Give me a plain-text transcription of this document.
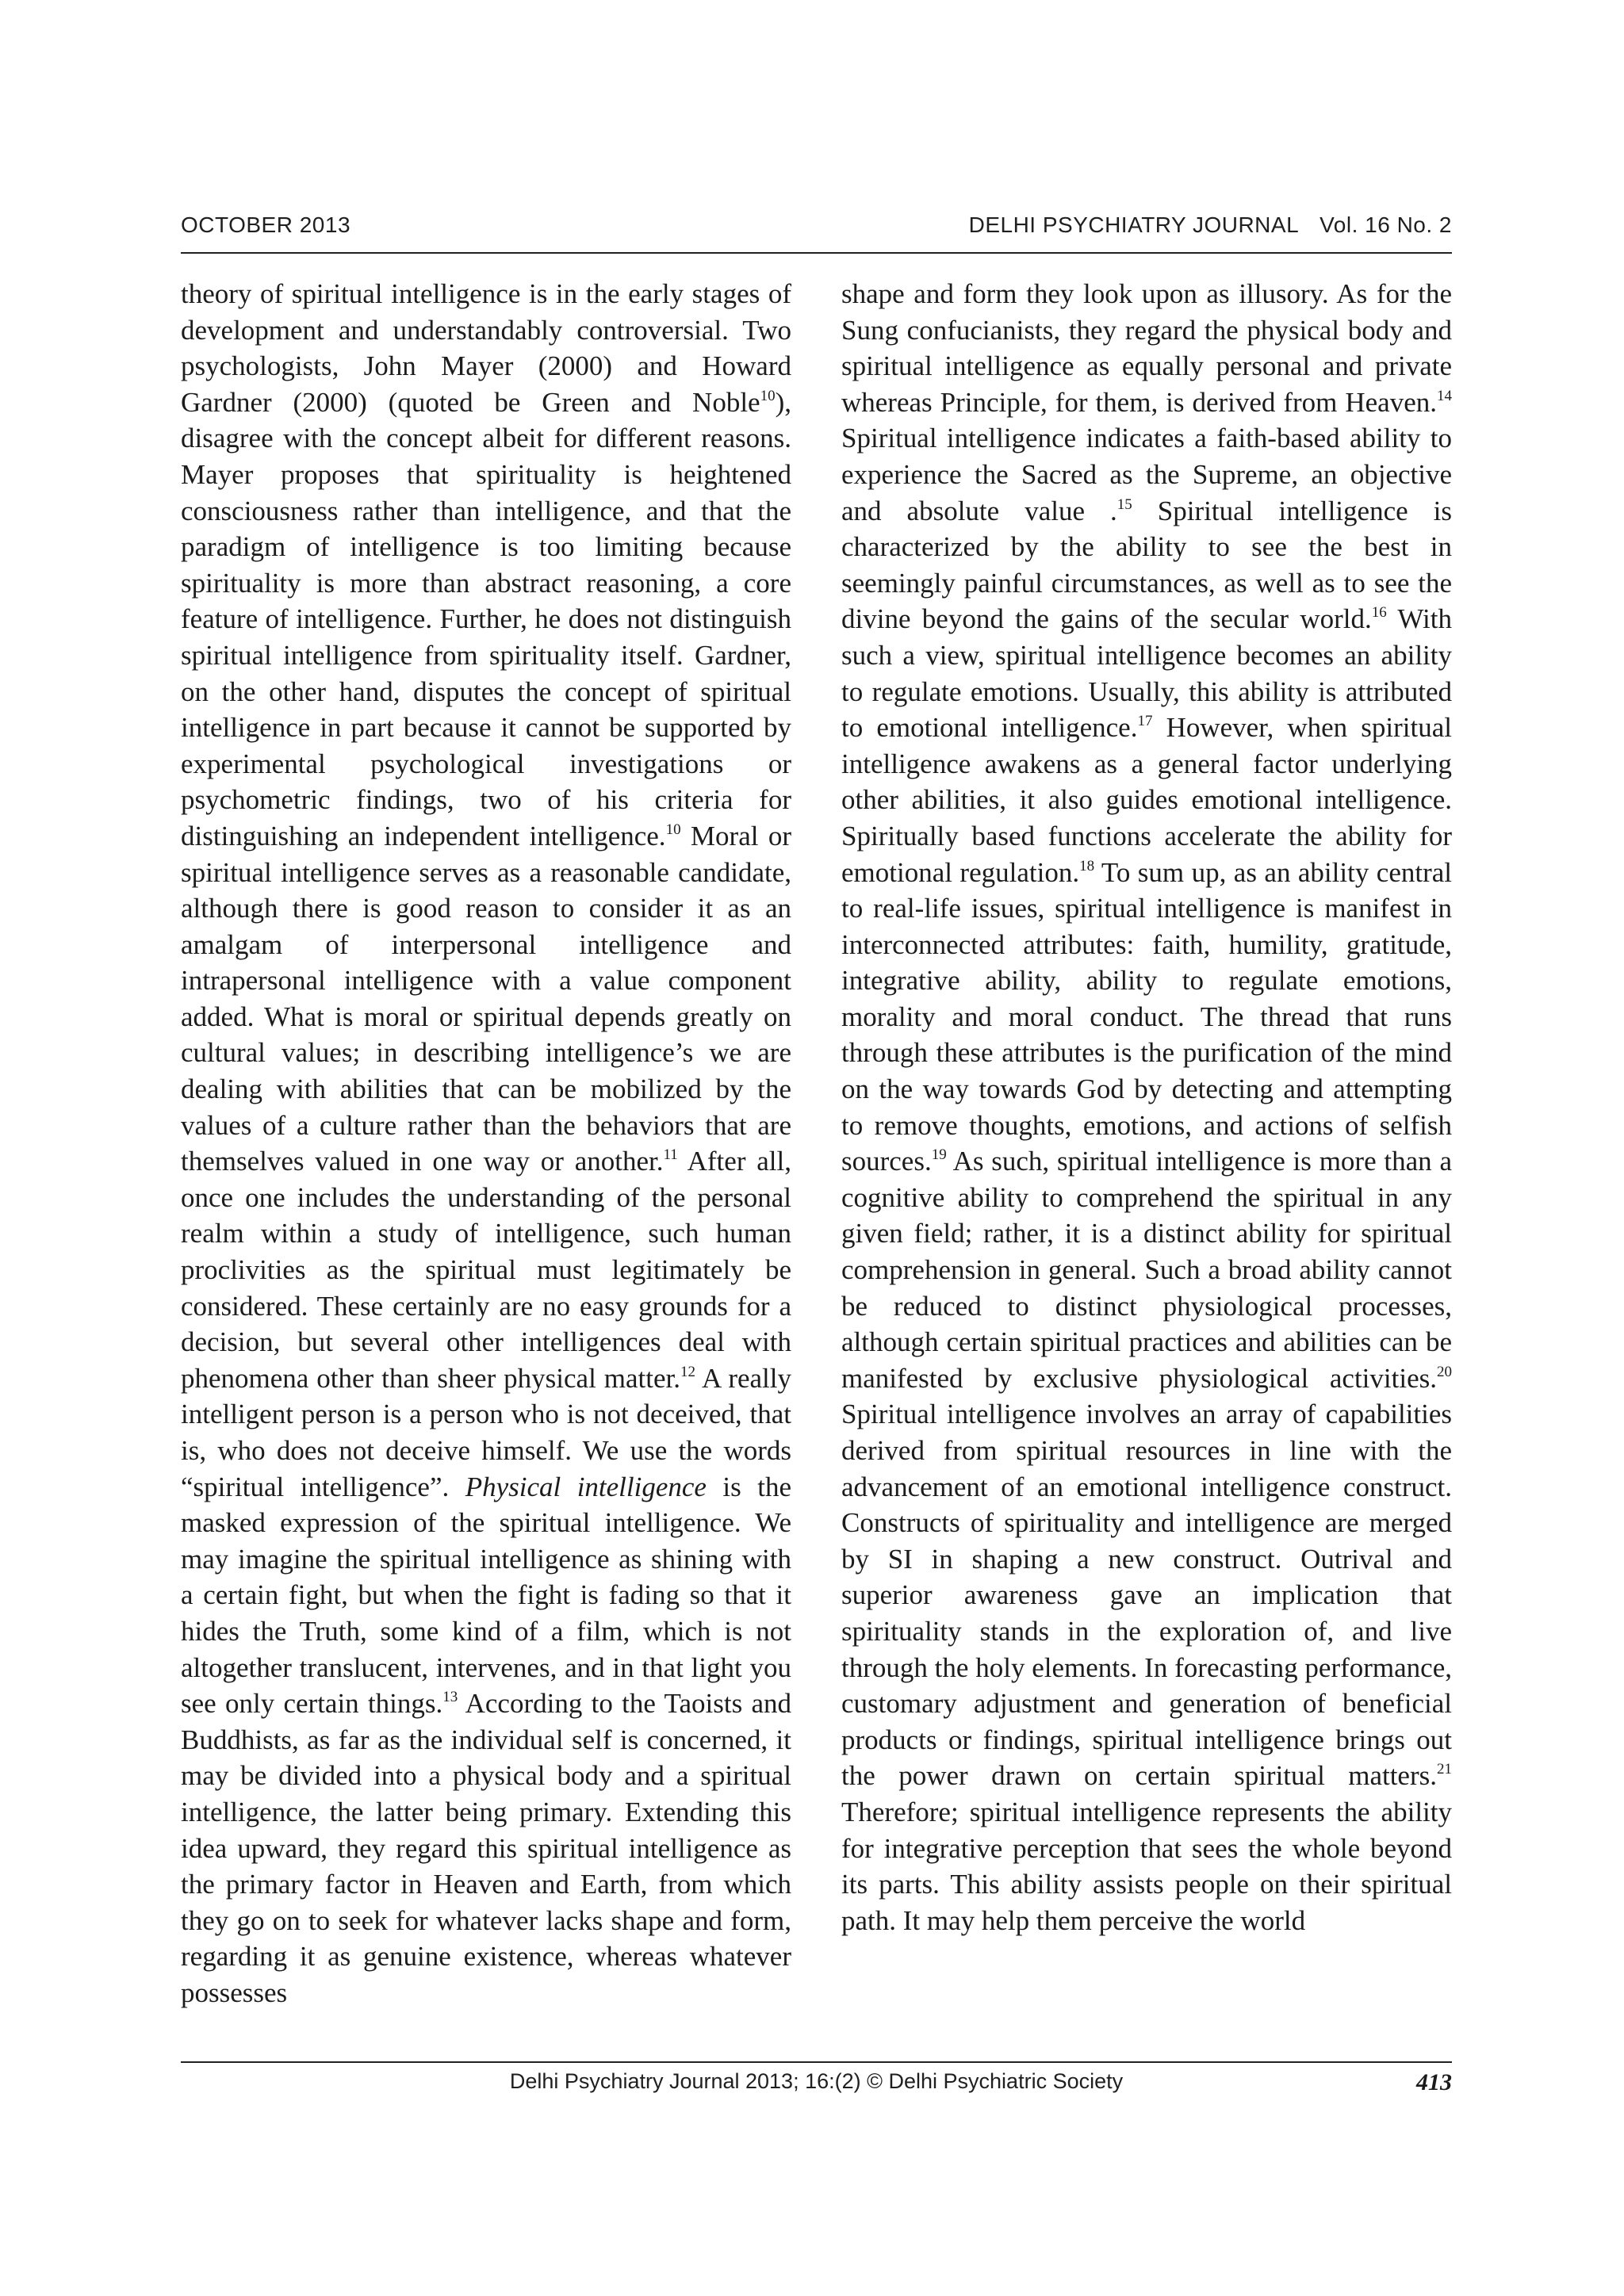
OCTOBER 2013	DELHI PSYCHIATRY JOURNAL Vol. 16 No. 2

theory of spiritual intelligence is in the early stages of development and understandably controversial. Two psychologists, John Mayer (2000) and Howard Gardner (2000) (quoted be Green and Noble$^{10}$), disagree with the concept albeit for different reasons. Mayer proposes that spirituality is heightened consciousness rather than intelligence, and that the paradigm of intelligence is too limiting because spirituality is more than abstract reasoning, a core feature of intelligence. Further, he does not distinguish spiritual intelligence from spirituality itself. Gardner, on the other hand, disputes the concept of spiritual intelligence in part because it cannot be supported by experimental psychological investigations or psychometric findings, two of his criteria for distinguishing an independent intelligence.$^{10}$ Moral or spiritual intelligence serves as a reasonable candidate, although there is good reason to consider it as an amalgam of interpersonal intelligence and intrapersonal intelligence with a value component added. What is moral or spiritual depends greatly on cultural values; in describing intelligence’s we are dealing with abilities that can be mobilized by the values of a culture rather than the behaviors that are themselves valued in one way or another.$^{11}$ After all, once one includes the understanding of the personal realm within a study of intelligence, such human proclivities as the spiritual must legitimately be considered. These certainly are no easy grounds for a decision, but several other intelligences deal with phenomena other than sheer physical matter.$^{12}$ A really intelligent person is a person who is not deceived, that is, who does not deceive himself. We use the words “spiritual intelligence”. Physical intelligence is the masked expression of the spiritual intelligence. We may imagine the spiritual intelligence as shining with a certain fight, but when the fight is fading so that it hides the Truth, some kind of a film, which is not altogether translucent, intervenes, and in that light you see only certain things.$^{13}$ According to the Taoists and Buddhists, as far as the individual self is concerned, it may be divided into a physical body and a spiritual intelligence, the latter being primary. Extending this idea upward, they regard this spiritual intelligence as the primary factor in Heaven and Earth, from which they go on to seek for whatever lacks shape and form, regarding it as genuine existence, whereas whatever possesses

shape and form they look upon as illusory. As for the Sung confucianists, they regard the physical body and spiritual intelligence as equally personal and private whereas Principle, for them, is derived from Heaven.$^{14}$ Spiritual intelligence indicates a faith-based ability to experience the Sacred as the Supreme, an objective and absolute value .$^{15}$ Spiritual intelligence is characterized by the ability to see the best in seemingly painful circumstances, as well as to see the divine beyond the gains of the secular world.$^{16}$ With such a view, spiritual intelligence becomes an ability to regulate emotions. Usually, this ability is attributed to emotional intelligence.$^{17}$ However, when spiritual intelligence awakens as a general factor underlying other abilities, it also guides emotional intelligence. Spiritually based functions accelerate the ability for emotional regulation.$^{18}$ To sum up, as an ability central to real-life issues, spiritual intelligence is manifest in interconnected attributes: faith, humility, gratitude, integrative ability, ability to regulate emotions, morality and moral conduct. The thread that runs through these attributes is the purification of the mind on the way towards God by detecting and attempting to remove thoughts, emotions, and actions of selfish sources.$^{19}$ As such, spiritual intelligence is more than a cognitive ability to comprehend the spiritual in any given field; rather, it is a distinct ability for spiritual comprehension in general. Such a broad ability cannot be reduced to distinct physiological processes, although certain spiritual practices and abilities can be manifested by exclusive physiological activities.$^{20}$ Spiritual intelligence involves an array of capabilities derived from spiritual resources in line with the advancement of an emotional intelligence construct. Constructs of spirituality and intelligence are merged by SI in shaping a new construct. Outrival and superior awareness gave an implication that spirituality stands in the exploration of, and live through the holy elements. In forecasting performance, customary adjustment and generation of beneficial products or findings, spiritual intelligence brings out the power drawn on certain spiritual matters.$^{21}$ Therefore; spiritual intelligence represents the ability for integrative perception that sees the whole beyond its parts. This ability assists people on their spiritual path. It may help them perceive the world

Delhi Psychiatry Journal 2013; 16:(2) © Delhi Psychiatric Society	413
